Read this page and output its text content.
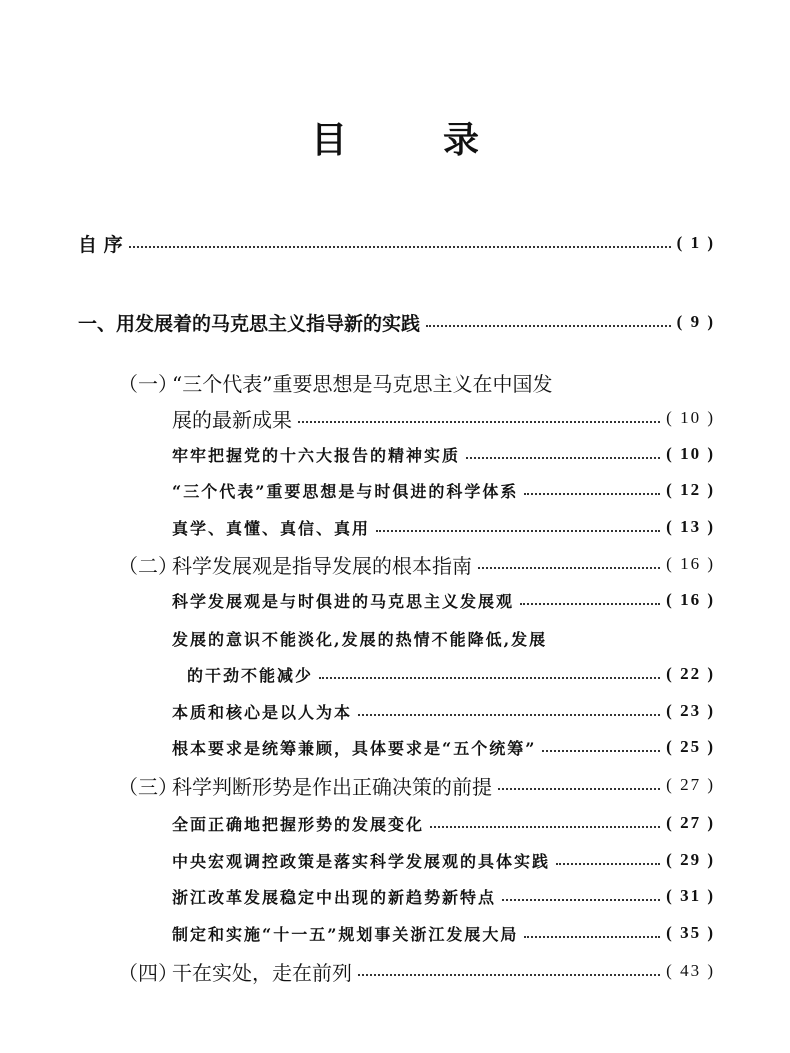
目	录
自 序	( 1 )
一、用发展着的马克思主义指导新的实践	( 9 )
（一）“三个代表”重要思想是马克思主义在中国发
展的最新成果	( 10 )
牢牢把握党的十六大报告的精神实质	( 10 )
“三个代表”重要思想是与时俱进的科学体系	( 12 )
真学、真懂、真信、真用	( 13 )
（二）科学发展观是指导发展的根本指南	( 16 )
科学发展观是与时俱进的马克思主义发展观	( 16 )
发展的意识不能淡化,发展的热情不能降低,发展
的干劲不能减少	( 22 )
本质和核心是以人为本	( 23 )
根本要求是统筹兼顾，具体要求是“五个统筹”	( 25 )
（三）科学判断形势是作出正确决策的前提	( 27 )
全面正确地把握形势的发展变化	( 27 )
中央宏观调控政策是落实科学发展观的具体实践	( 29 )
浙江改革发展稳定中出现的新趋势新特点	( 31 )
制定和实施“十一五”规划事关浙江发展大局	( 35 )
（四）干在实处，走在前列	( 43 )
